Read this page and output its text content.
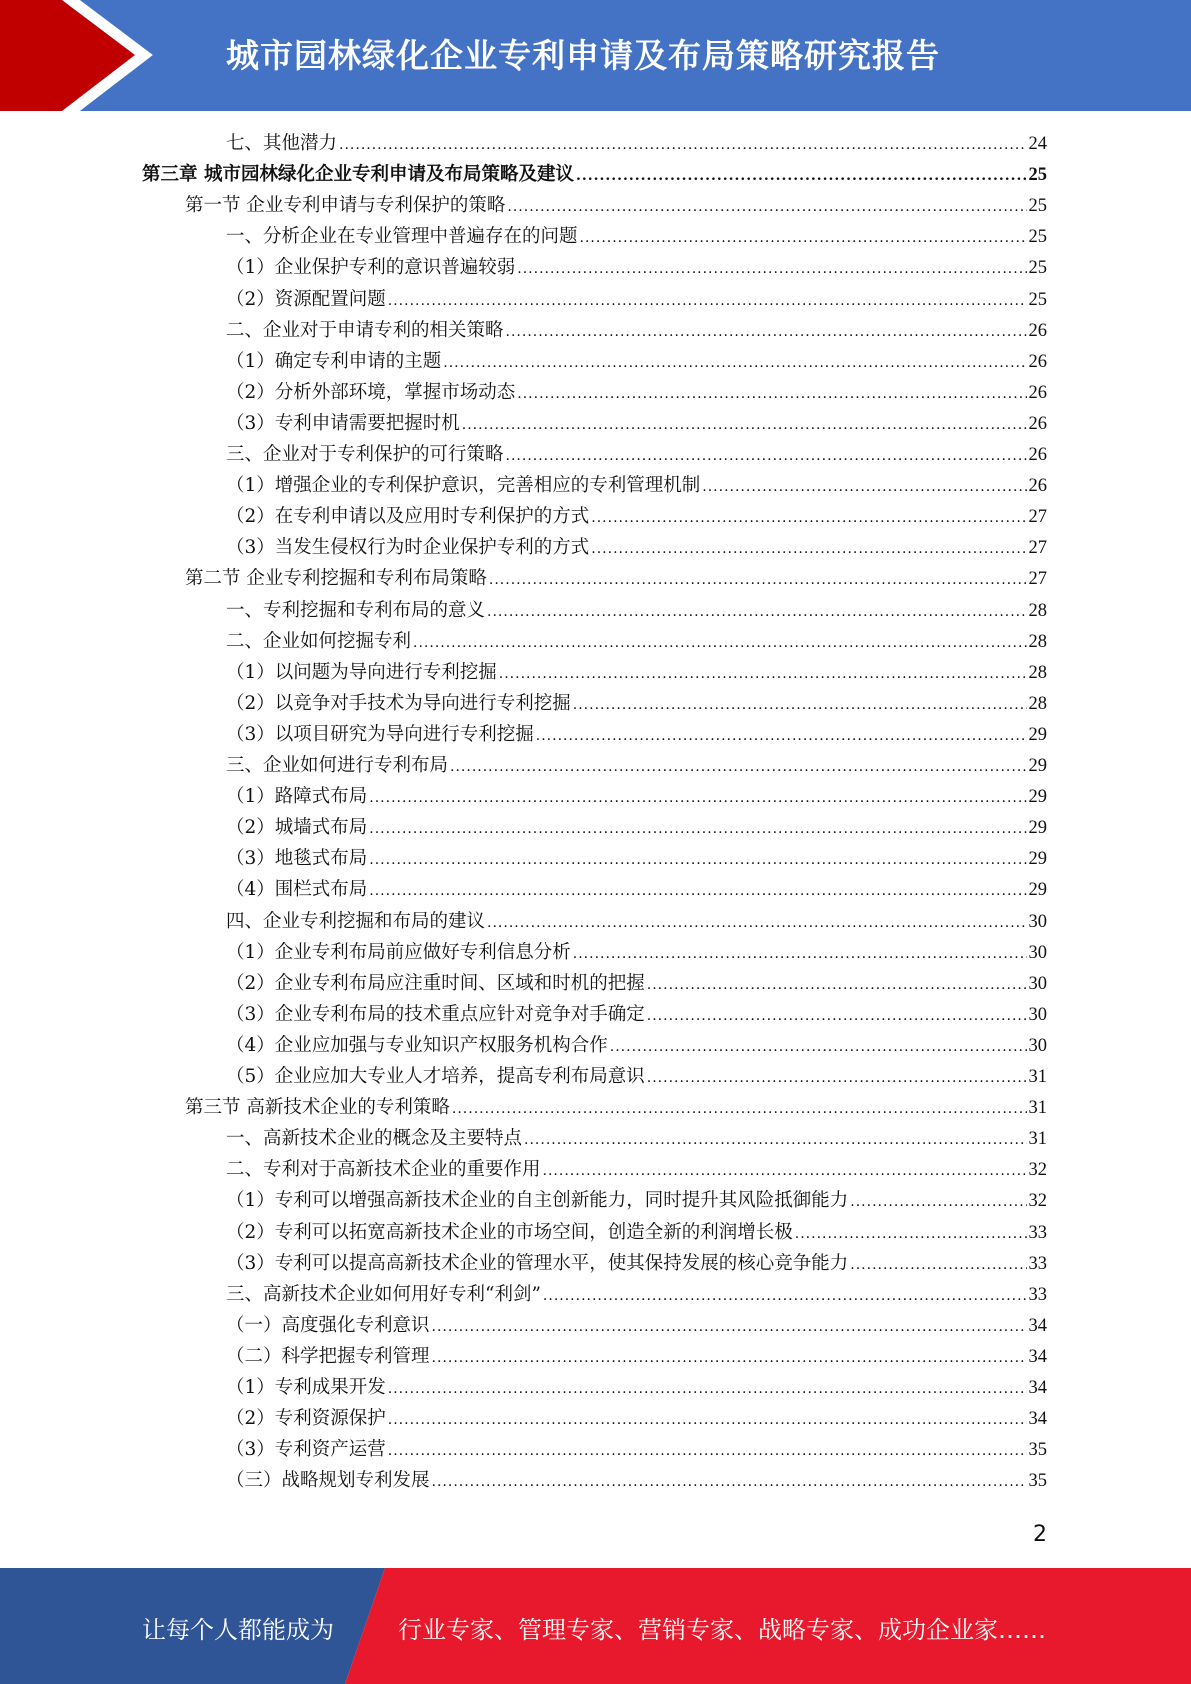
城市园林绿化企业专利申请及布局策略研究报告
七、其他潜力 .....	24
第三章 城市园林绿化企业专利申请及布局策略及建议 .....	25
第一节 企业专利申请与专利保护的策略 .....	25
一、分析企业在专业管理中普遍存在的问题 .....	25
（1）企业保护专利的意识普遍较弱 .....	25
（2）资源配置问题 .....	25
二、企业对于申请专利的相关策略 .....	26
（1）确定专利申请的主题 .....	26
（2）分析外部环境，掌握市场动态 .....	26
（3）专利申请需要把握时机 .....	26
三、企业对于专利保护的可行策略 .....	26
（1）增强企业的专利保护意识，完善相应的专利管理机制 .....	26
（2）在专利申请以及应用时专利保护的方式 .....	27
（3）当发生侵权行为时企业保护专利的方式 .....	27
第二节 企业专利挖掘和专利布局策略 .....	27
一、专利挖掘和专利布局的意义 .....	28
二、企业如何挖掘专利 .....	28
（1）以问题为导向进行专利挖掘 .....	28
（2）以竞争对手技术为导向进行专利挖掘 .....	28
（3）以项目研究为导向进行专利挖掘 .....	29
三、企业如何进行专利布局 .....	29
（1）路障式布局 .....	29
（2）城墙式布局 .....	29
（3）地毯式布局 .....	29
（4）围栏式布局 .....	29
四、企业专利挖掘和布局的建议 .....	30
（1）企业专利布局前应做好专利信息分析 .....	30
（2）企业专利布局应注重时间、区域和时机的把握 .....	30
（3）企业专利布局的技术重点应针对竞争对手确定 .....	30
（4）企业应加强与专业知识产权服务机构合作 .....	30
（5）企业应加大专业人才培养，提高专利布局意识 .....	31
第三节 高新技术企业的专利策略 .....	31
一、高新技术企业的概念及主要特点 .....	31
二、专利对于高新技术企业的重要作用 .....	32
（1）专利可以增强高新技术企业的自主创新能力，同时提升其风险抵御能力 .....	32
（2）专利可以拓宽高新技术企业的市场空间，创造全新的利润增长极 .....	33
（3）专利可以提高高新技术企业的管理水平，使其保持发展的核心竞争能力 .....	33
三、高新技术企业如何用好专利“利剑” .....	33
（一）高度强化专利意识 .....	34
（二）科学把握专利管理 .....	34
（1）专利成果开发 .....	34
（2）专利资源保护 .....	34
（3）专利资产运营 .....	35
（三）战略规划专利发展 .....	35
2
让每个人都能成为	行业专家、管理专家、营销专家、战略专家、成功企业家……
